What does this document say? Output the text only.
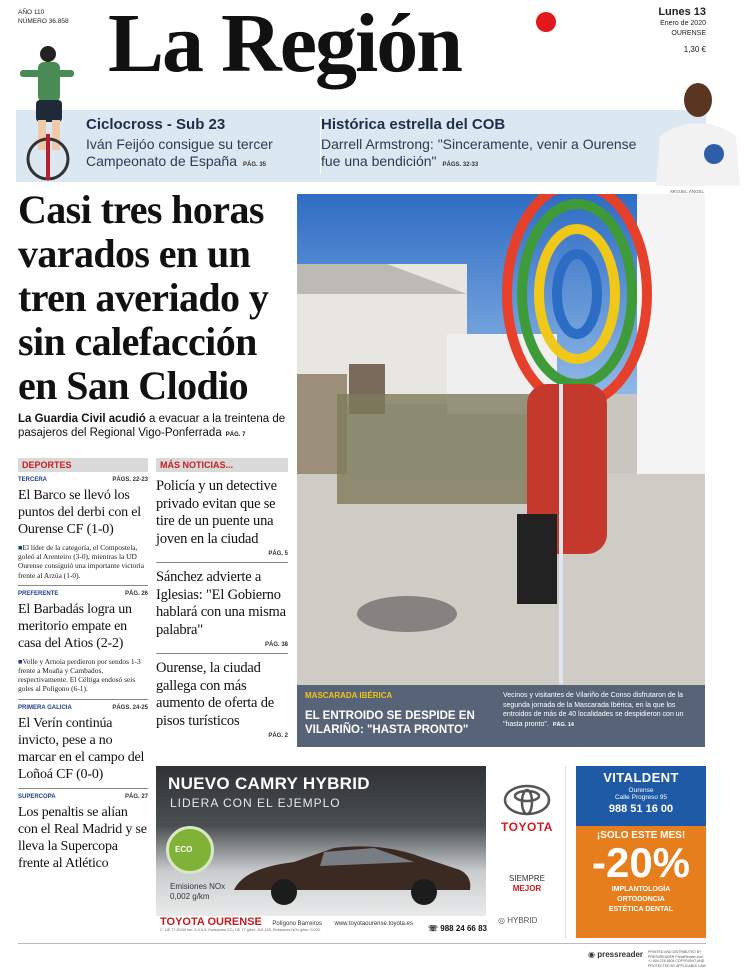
AÑO 110
NÚMERO 36.858 La Región	Lunes 13
Enero de 2020
OURENSE
1,30 €
Ciclocross - Sub 23

Iván Feijóo consigue su tercer Campeonato de España PÁG. 35

Histórica estrella del COB

Darrell Armstrong: "Sinceramente, venir a Ourense fue una bendición" PÁGS. 32-33

MIGUEL ÁNGEL
Casi tres horas varados en un tren averiado y sin calefacción en San Clodio

La Guardia Civil acudió a evacuar a la treintena de pasajeros del Regional Vigo-Ponferrada PÁG. 7

MASCARADA IBÉRICA
EL ENTROIDO SE DESPIDE EN VILARIÑO: "HASTA PRONTO"
Vecinos y visitantes de Vilariño de Conso disfrutaron de la segunda jornada de la Mascarada Ibérica, en la que los entroidos de más de 40 localidades se despidieron con un "hasta pronto". PÁG. 14
DEPORTES
TERCERA	PÁGS. 22-23
El Barco se llevó los puntos del derbi con el Ourense CF (1-0)
■El líder de la categoría, el Compostela, goleó al Arenteiro (3-0), mientras la UD Ourense consiguió una importante victoria frente al Arzúa (1-0).
PREFERENTE	PÁG. 26
El Barbadás logra un meritorio empate en casa del Atios (2-2)
■Velle y Arnoia perdieron por sendos 1-3 frente a Moaña y Cambados, respectivamente. El Céltiga endosó seis goles al Polígono (6-1).
PRIMERA GALICIA	PÁGS. 24-25
El Verín continúa invicto, pese a no marcar en el campo del Loñoá CF (0-0)
SUPERCOPA	PÁG. 27
Los penaltis se alían con el Real Madrid y se lleva la Supercopa frente al Atlético
MÁS NOTICIAS...
Policía y un detective privado evitan que se tire de un puente una joven en la ciudad
PÁG. 5
Sánchez advierte a Iglesias: "El Gobierno hablará con una misma palabra"
PÁG. 38
Ourense, la ciudad gallega con más aumento de oferta de pisos turísticos
PÁG. 2
NUEVO CAMRY HYBRID
LIDERA CON EL EJEMPLO
ECO
Emisiones NOx
0,002 g/km
TOYOTA
SIEMPRE
MEJOR
◎ HYBRID
TOYOTA OURENSE Polígono Barreiros www.toyotaourense.toyota.es
C. UE 77-5/100 km: 5,3-5,5. Emisiones CO₂ UE 77 g/km: 119-125. Emisiones NOx g/km: 0,002.	☏ 988 24 66 83
VITALDENT
Ourense
Calle Progreso 95
988 51 16 00
¡SOLO ESTE MES!
-20%
IMPLANTOLOGÍA
ORTODONCIA
ESTÉTICA DENTAL
◉ pressreader PRINTED AND DISTRIBUTED BY PRESSREADER PressReader.com +1 604 278 4604 COPYRIGHT AND PROTECTED BY APPLICABLE LAW
